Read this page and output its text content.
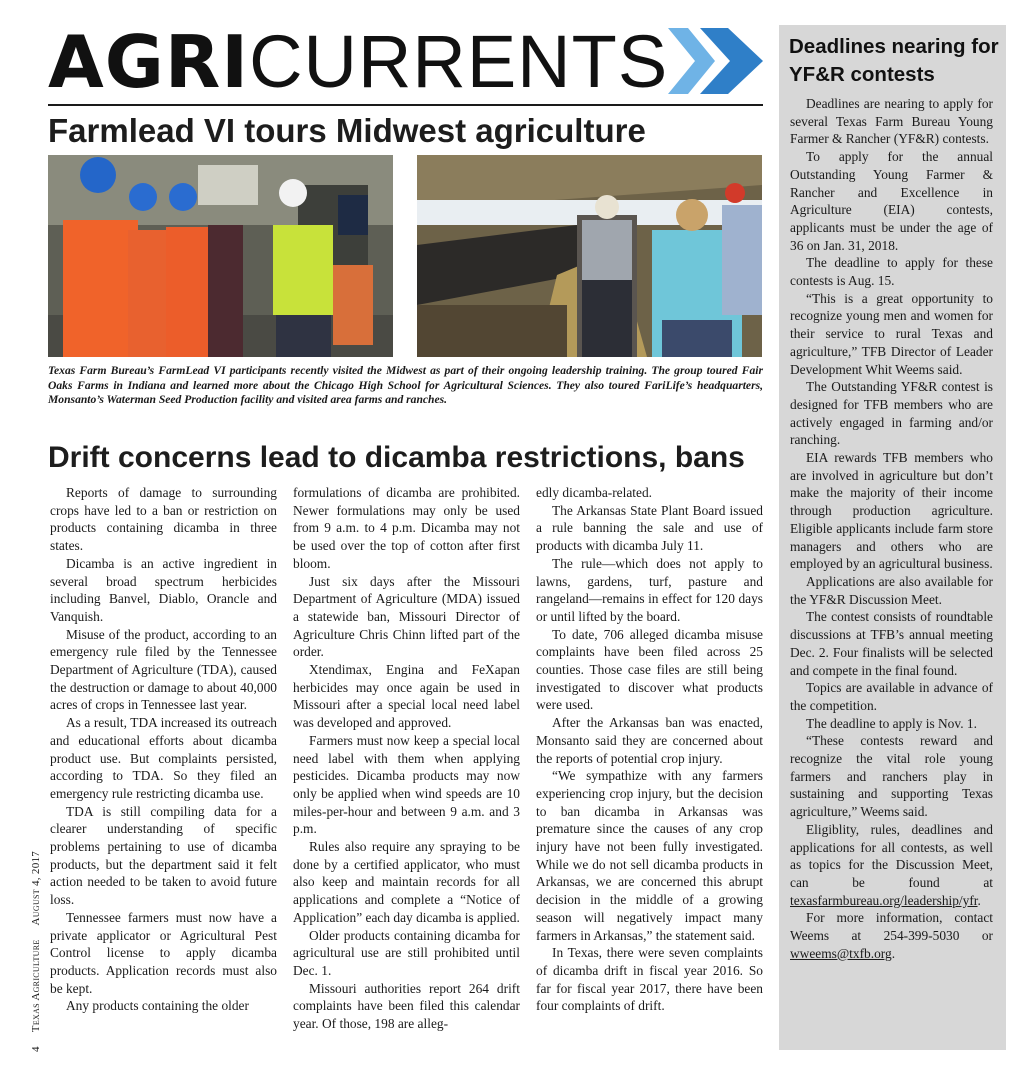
AGRICURRENTS
Farmlead VI tours Midwest agriculture
Texas Farm Bureau’s FarmLead VI participants recently visited the Midwest as part of their ongoing leadership training. The group toured Fair Oaks Farms in Indiana and learned more about the Chicago High School for Agricultural Sciences. They also toured FariLife’s headquarters, Monsanto’s Waterman Seed Production facility and visited area farms and ranches.
Drift concerns lead to dicamba restrictions, bans

Reports of damage to surrounding crops have led to a ban or restriction on products containing dicamba in three states.

Dicamba is an active ingredient in several broad spectrum herbicides including Banvel, Diablo, Orancle and Vanquish.

Misuse of the product, according to an emergency rule filed by the Tennessee Department of Agriculture (TDA), caused the destruction or damage to about 40,000 acres of crops in Tennessee last year.

As a result, TDA increased its outreach and educational efforts about dicamba product use. But complaints persisted, according to TDA. So they filed an emergency rule restricting dicamba use.

TDA is still compiling data for a clearer understanding of specific problems pertaining to use of dicamba products, but the department said it felt action needed to be taken to avoid future loss.

Tennessee farmers must now have a private applicator or Agricultural Pest Control license to apply dicamba products. Application records must also be kept.

Any products containing the older

formulations of dicamba are prohibited. Newer formulations may only be used from 9 a.m. to 4 p.m. Dicamba may not be used over the top of cotton after first bloom.

Just six days after the Missouri Department of Agriculture (MDA) issued a statewide ban, Missouri Director of Agriculture Chris Chinn lifted part of the order.

Xtendimax, Engina and FeXapan herbicides may once again be used in Missouri after a special local need label was developed and approved.

Farmers must now keep a special local need label with them when applying pesticides. Dicamba products may now only be applied when wind speeds are 10 miles-per-hour and between 9 a.m. and 3 p.m.

Rules also require any spraying to be done by a certified applicator, who must also keep and maintain records for all applications and complete a “Notice of Application” each day dicamba is applied.

Older products containing dicamba for agricultural use are still prohibited until Dec. 1.

Missouri authorities report 264 drift complaints have been filed this calendar year. Of those, 198 are alleg-

edly dicamba-related.

The Arkansas State Plant Board issued a rule banning the sale and use of products with dicamba July 11.

The rule—which does not apply to lawns, gardens, turf, pasture and rangeland—remains in effect for 120 days or until lifted by the board.

To date, 706 alleged dicamba misuse complaints have been filed across 25 counties. Those case files are still being investigated to discover what products were used.

After the Arkansas ban was enacted, Monsanto said they are concerned about the reports of potential crop injury.

“We sympathize with any farmers experiencing crop injury, but the decision to ban dicamba in Arkansas was premature since the causes of any crop injury have not been fully investigated. While we do not sell dicamba products in Arkansas, we are concerned this abrupt decision in the middle of a growing season will negatively impact many farmers in Arkansas,” the statement said.

In Texas, there were seven complaints of dicamba drift in fiscal year 2016. So far for fiscal year 2017, there have been four complaints of drift.

4Texas AgricultureAugust 4, 2017
Deadlines nearing for YF&R contests

Deadlines are nearing to apply for several Texas Farm Bureau Young Farmer & Rancher (YF&R) contests.

To apply for the annual Outstanding Young Farmer & Rancher and Excellence in Agriculture (EIA) contests, applicants must be under the age of 36 on Jan. 31, 2018.

The deadline to apply for these contests is Aug. 15.

“This is a great opportunity to recognize young men and women for their service to rural Texas and agriculture,” TFB Director of Leader Development Whit Weems said.

The Outstanding YF&R contest is designed for TFB members who are actively engaged in farming and/or ranching.

EIA rewards TFB members who are involved in agriculture but don’t make the majority of their income through production agriculture. Eligible applicants include farm store managers and others who are employed by an agricultural business.

Applications are also available for the YF&R Discussion Meet.

The contest consists of roundtable discussions at TFB’s annual meeting Dec. 2. Four finalists will be selected and compete in the final found.

Topics are available in advance of the competition.

The deadline to apply is Nov. 1.

“These contests reward and recognize the vital role young farmers and ranchers play in sustaining and supporting Texas agriculture,” Weems said.

Eligiblity, rules, deadlines and applications for all contests, as well as topics for the Discussion Meet, can be found at texasfarmbureau.org/leadership/yfr.

For more information, contact Weems at 254-399-5030 or wweems@txfb.org.
